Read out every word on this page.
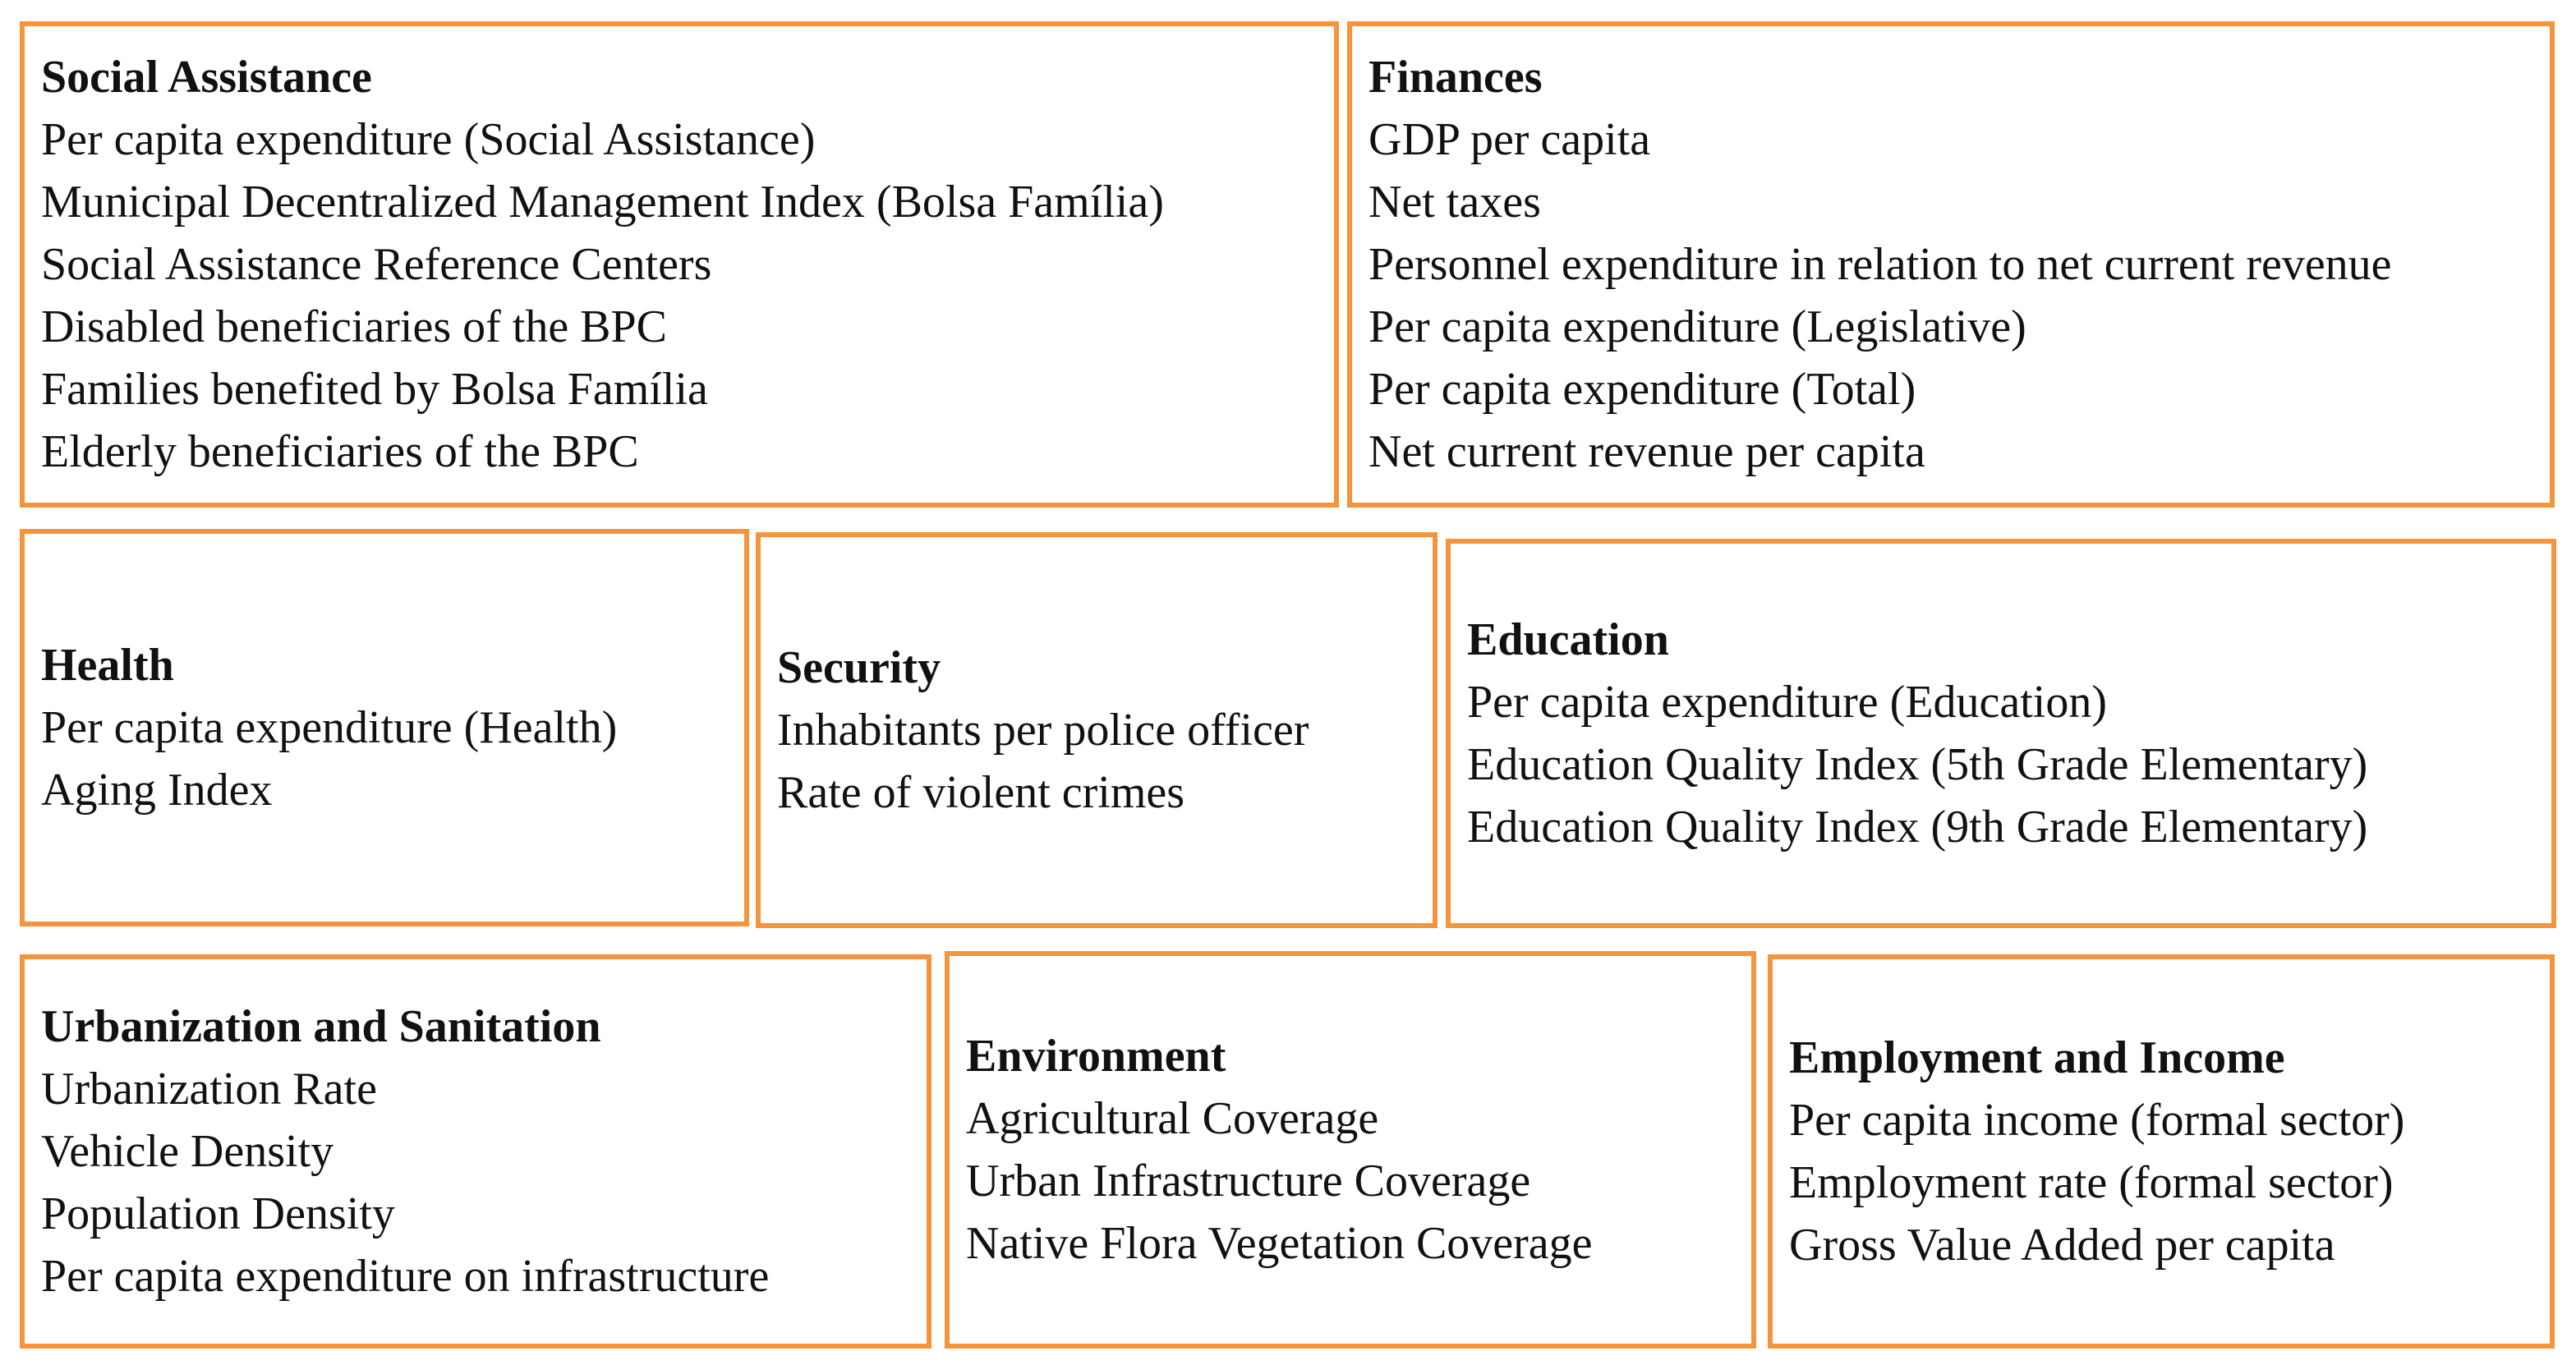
Social Assistance
Per capita expenditure (Social Assistance)
Municipal Decentralized Management Index (Bolsa Família)
Social Assistance Reference Centers
Disabled beneficiaries of the BPC
Families benefited by Bolsa Família
Elderly beneficiaries of the BPC
Finances
GDP per capita
Net taxes
Personnel expenditure in relation to net current revenue
Per capita expenditure (Legislative)
Per capita expenditure (Total)
Net current revenue per capita
Health
Per capita expenditure (Health)
Aging Index
Security
Inhabitants per police officer
Rate of violent crimes
Education
Per capita expenditure (Education)
Education Quality Index (5th Grade Elementary)
Education Quality Index (9th Grade Elementary)
Urbanization and Sanitation
Urbanization Rate
Vehicle Density
Population Density
Per capita expenditure on infrastructure
Environment
Agricultural Coverage
Urban Infrastructure Coverage
Native Flora Vegetation Coverage
Employment and Income
Per capita income (formal sector)
Employment rate (formal sector)
Gross Value Added per capita
